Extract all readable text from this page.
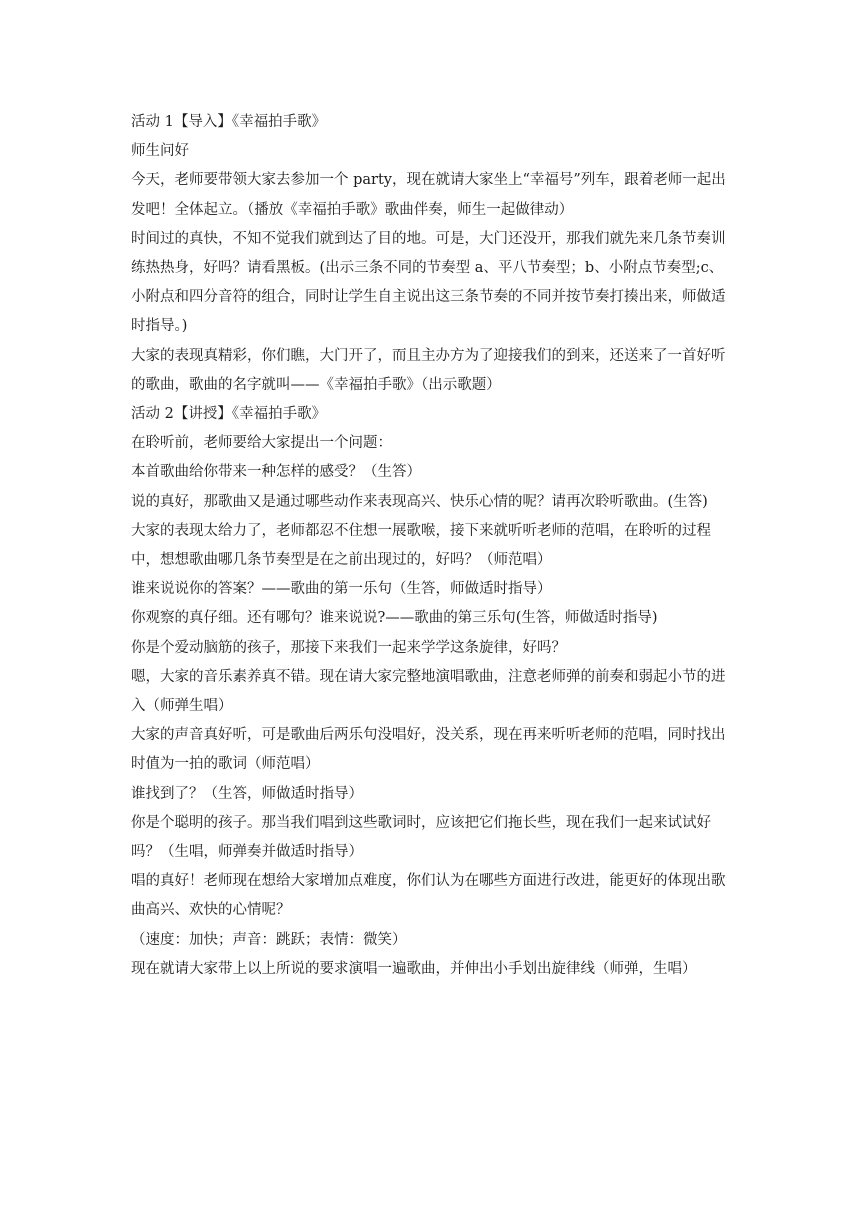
活动 1【导入】《幸福拍手歌》

师生问好

今天，老师要带领大家去参加一个 party，现在就请大家坐上“幸福号”列车，跟着老师一起出发吧！全体起立。（播放《幸福拍手歌》歌曲伴奏，师生一起做律动）

时间过的真快，不知不觉我们就到达了目的地。可是，大门还没开，那我们就先来几条节奏训练热热身，好吗？请看黑板。(出示三条不同的节奏型 a、平八节奏型；b、小附点节奏型;c、小附点和四分音符的组合，同时让学生自主说出这三条节奏的不同并按节奏打揍出来，师做适时指导。)

大家的表现真精彩，你们瞧，大门开了，而且主办方为了迎接我们的到来，还送来了一首好听的歌曲，歌曲的名字就叫——《幸福拍手歌》（出示歌题）

活动 2【讲授】《幸福拍手歌》

在聆听前，老师要给大家提出一个问题：

本首歌曲给你带来一种怎样的感受？（生答）

说的真好，那歌曲又是通过哪些动作来表现高兴、快乐心情的呢？请再次聆听歌曲。(生答)

大家的表现太给力了，老师都忍不住想一展歌喉，接下来就听听老师的范唱，在聆听的过程中，想想歌曲哪几条节奏型是在之前出现过的，好吗？（师范唱）

谁来说说你的答案？——歌曲的第一乐句（生答，师做适时指导）

你观察的真仔细。还有哪句？谁来说说?——歌曲的第三乐句(生答，师做适时指导)

你是个爱动脑筋的孩子，那接下来我们一起来学学这条旋律，好吗？

嗯，大家的音乐素养真不错。现在请大家完整地演唱歌曲，注意老师弹的前奏和弱起小节的进入（师弹生唱）

大家的声音真好听，可是歌曲后两乐句没唱好，没关系，现在再来听听老师的范唱，同时找出时值为一拍的歌词（师范唱）

谁找到了？（生答，师做适时指导）

你是个聪明的孩子。那当我们唱到这些歌词时，应该把它们拖长些，现在我们一起来试试好吗？（生唱，师弹奏并做适时指导）

唱的真好！老师现在想给大家增加点难度，你们认为在哪些方面进行改进，能更好的体现出歌曲高兴、欢快的心情呢？

（速度：加快；声音：跳跃；表情：微笑）

现在就请大家带上以上所说的要求演唱一遍歌曲，并伸出小手划出旋律线（师弹，生唱）
